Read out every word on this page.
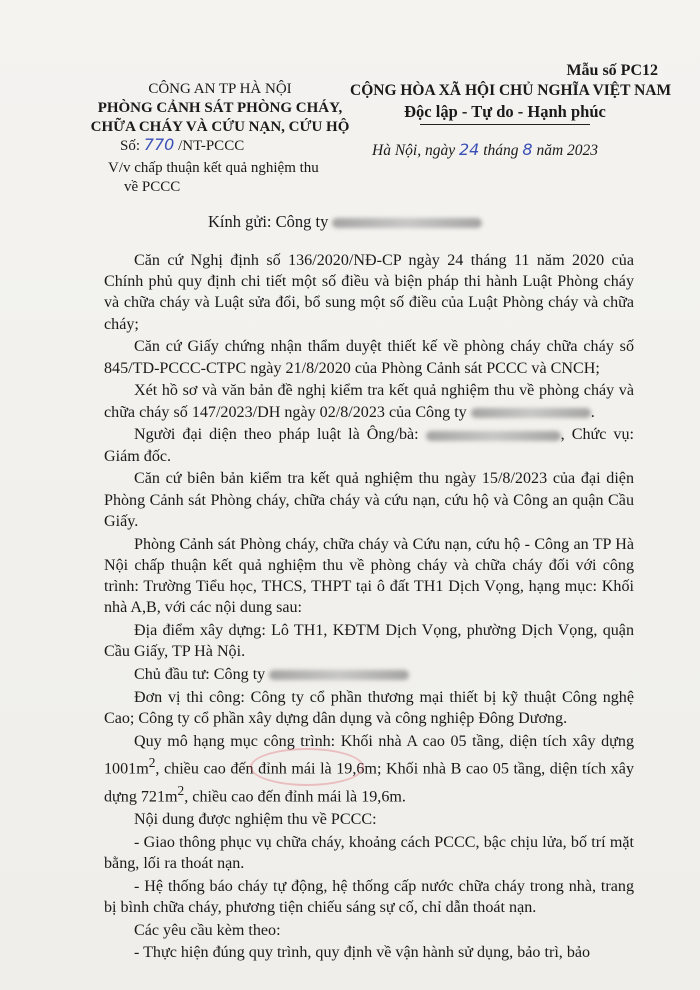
Mẫu số PC12
CÔNG AN TP HÀ NỘI
PHÒNG CẢNH SÁT PHÒNG CHÁY,
CHỮA CHÁY VÀ CỨU NẠN, CỨU HỘ
CỘNG HÒA XÃ HỘI CHỦ NGHĨA VIỆT NAM
Độc lập - Tự do - Hạnh phúc
Số: 770 /NT-PCCC	Hà Nội, ngày 24 tháng 8 năm 2023
V/v chấp thuận kết quả nghiệm thu
về PCCC
Kính gửi: Công ty

Căn cứ Nghị định số 136/2020/NĐ-CP ngày 24 tháng 11 năm 2020 của Chính phủ quy định chi tiết một số điều và biện pháp thi hành Luật Phòng cháy và chữa cháy và Luật sửa đổi, bổ sung một số điều của Luật Phòng cháy và chữa cháy;

Căn cứ Giấy chứng nhận thẩm duyệt thiết kế về phòng cháy chữa cháy số 845/TD-PCCC-CTPC ngày 21/8/2020 của Phòng Cảnh sát PCCC và CNCH;

Xét hồ sơ và văn bản đề nghị kiểm tra kết quả nghiệm thu về phòng cháy và chữa cháy số 147/2023/DH ngày 02/8/2023 của Công ty	.

Người đại diện theo pháp luật là Ông/bà:	, Chức vụ: Giám đốc.

Căn cứ biên bản kiểm tra kết quả nghiệm thu ngày 15/8/2023 của đại diện Phòng Cảnh sát Phòng cháy, chữa cháy và cứu nạn, cứu hộ và Công an quận Cầu Giấy.

Phòng Cảnh sát Phòng cháy, chữa cháy và Cứu nạn, cứu hộ - Công an TP Hà Nội chấp thuận kết quả nghiệm thu về phòng cháy và chữa cháy đối với công trình: Trường Tiểu học, THCS, THPT tại ô đất TH1 Dịch Vọng, hạng mục: Khối nhà A,B, với các nội dung sau:

Địa điểm xây dựng: Lô TH1, KĐTM Dịch Vọng, phường Dịch Vọng, quận Cầu Giấy, TP Hà Nội.

Chủ đầu tư: Công ty

Đơn vị thi công: Công ty cổ phần thương mại thiết bị kỹ thuật Công nghệ Cao; Công ty cổ phần xây dựng dân dụng và công nghiệp Đông Dương.

Quy mô hạng mục công trình: Khối nhà A cao 05 tầng, diện tích xây dựng $1001m^2$, chiều cao đến đỉnh mái là 19,6m; Khối nhà B cao 05 tầng, diện tích xây dựng $721m^2$, chiều cao đến đỉnh mái là 19,6m.

Nội dung được nghiệm thu về PCCC:

- Giao thông phục vụ chữa cháy, khoảng cách PCCC, bậc chịu lửa, bố trí mặt bằng, lối ra thoát nạn.

- Hệ thống báo cháy tự động, hệ thống cấp nước chữa cháy trong nhà, trang bị bình chữa cháy, phương tiện chiếu sáng sự cố, chỉ dẫn thoát nạn.

Các yêu cầu kèm theo:

- Thực hiện đúng quy trình, quy định về vận hành sử dụng, bảo trì, bảo
